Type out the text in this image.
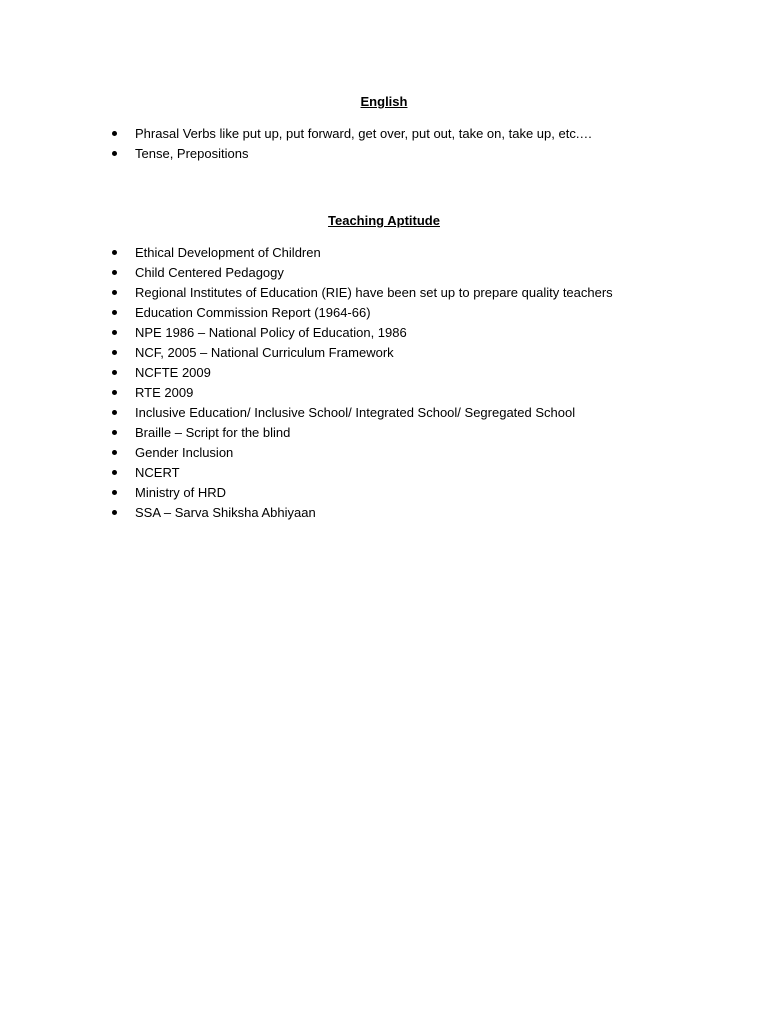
English
Phrasal Verbs like put up, put forward, get over, put out, take on, take up, etc.…
Tense, Prepositions
Teaching Aptitude
Ethical Development of Children
Child Centered Pedagogy
Regional Institutes of Education (RIE) have been set up to prepare quality teachers
Education Commission Report (1964-66)
NPE 1986 – National Policy of Education, 1986
NCF, 2005 – National Curriculum Framework
NCFTE 2009
RTE 2009
Inclusive Education/ Inclusive School/ Integrated School/ Segregated School
Braille – Script for the blind
Gender Inclusion
NCERT
Ministry of HRD
SSA – Sarva Shiksha Abhiyaan
